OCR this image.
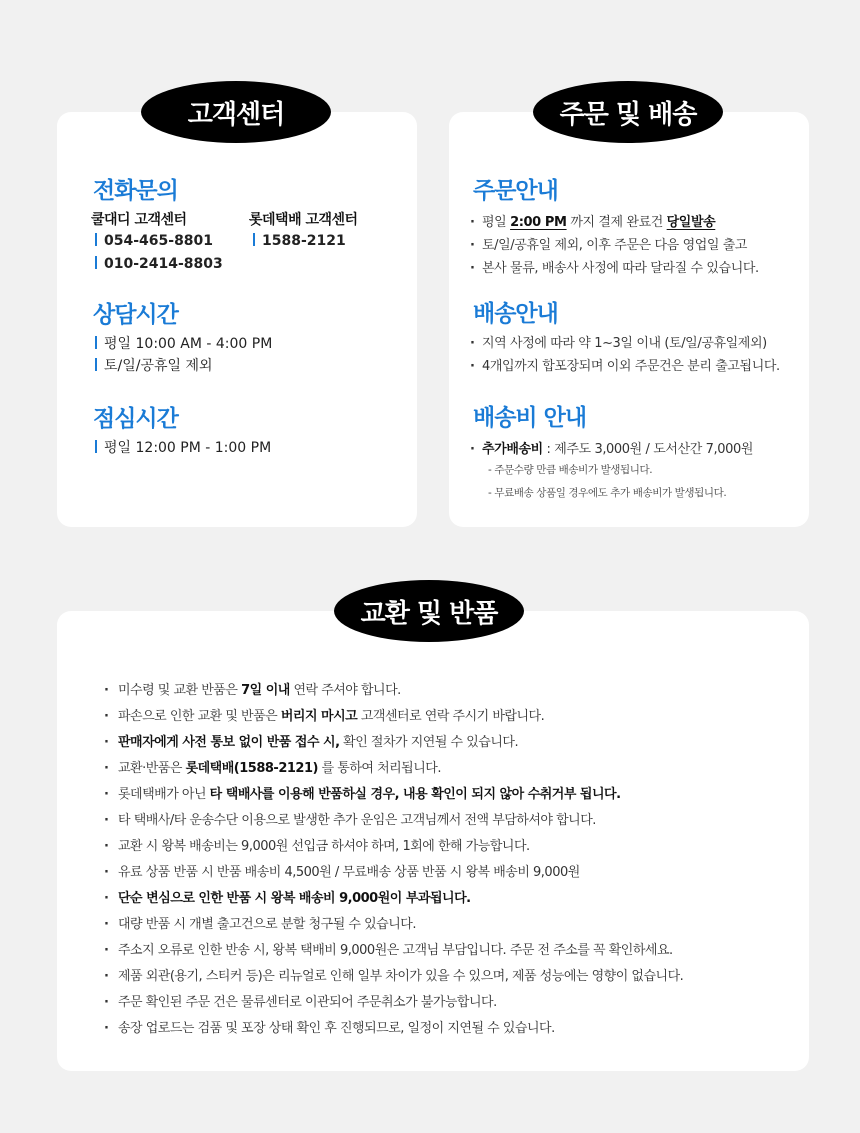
고객센터
전화문의
쿨대디 고객센터	롯데택배 고객센터
054-465-8801	1588-2121
010-2414-8803
상담시간
평일 10:00 AM - 4:00 PM
토/일/공휴일 제외
점심시간
평일 12:00 PM - 1:00 PM
주문 및 배송
주문안내
· 평일 2:00 PM 까지 결제 완료건 당일발송
· 토/일/공휴일 제외, 이후 주문은 다음 영업일 출고
· 본사 물류, 배송사 사정에 따라 달라질 수 있습니다.
배송안내
· 지역 사정에 따라 약 1~3일 이내 (토/일/공휴일제외)
· 4개입까지 합포장되며 이외 주문건은 분리 출고됩니다.
배송비 안내
· 추가배송비 : 제주도 3,000원 / 도서산간 7,000원
- 주문수량 만큼 배송비가 발생됩니다.
- 무료배송 상품일 경우에도 추가 배송비가 발생됩니다.
교환 및 반품
· 미수령 및 교환 반품은 7일 이내 연락 주셔야 합니다.
· 파손으로 인한 교환 및 반품은 버리지 마시고 고객센터로 연락 주시기 바랍니다.
· 판매자에게 사전 통보 없이 반품 접수 시, 확인 절차가 지연될 수 있습니다.
· 교환·반품은 롯데택배(1588-2121) 를 통하여 처리됩니다.
· 롯데택배가 아닌 타 택배사를 이용해 반품하실 경우, 내용 확인이 되지 않아 수취거부 됩니다.
· 타 택배사/타 운송수단 이용으로 발생한 추가 운임은 고객님께서 전액 부담하셔야 합니다.
· 교환 시 왕복 배송비는 9,000원 선입금 하셔야 하며, 1회에 한해 가능합니다.
· 유료 상품 반품 시 반품 배송비 4,500원 / 무료배송 상품 반품 시 왕복 배송비 9,000원
· 단순 변심으로 인한 반품 시 왕복 배송비 9,000원이 부과됩니다.
· 대량 반품 시 개별 출고건으로 분할 청구될 수 있습니다.
· 주소지 오류로 인한 반송 시, 왕복 택배비 9,000원은 고객님 부담입니다. 주문 전 주소를 꼭 확인하세요.
· 제품 외관(용기, 스티커 등)은 리뉴얼로 인해 일부 차이가 있을 수 있으며, 제품 성능에는 영향이 없습니다.
· 주문 확인된 주문 건은 물류센터로 이관되어 주문취소가 불가능합니다.
· 송장 업로드는 검품 및 포장 상태 확인 후 진행되므로, 일정이 지연될 수 있습니다.
